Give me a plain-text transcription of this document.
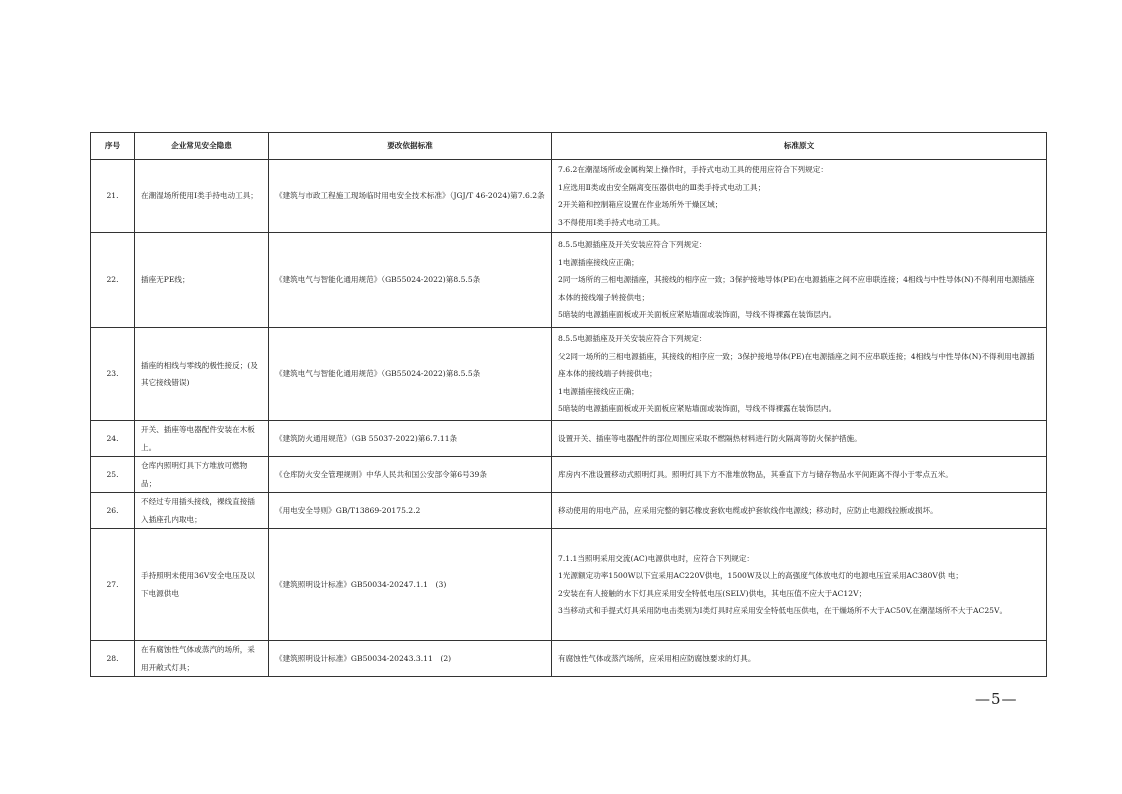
序号	企业常见安全隐患	要改依据标准	标准原文
21.	在潮湿场所使用I类手持电动工具；	《建筑与市政工程施工现场临时用电安全技术标准》（JGJ/T 46-2024)第7.6.2条	7.6.2在潮湿场所或金属构架上操作时，手持式电动工具的使用应符合下列规定：
1应选用Ⅱ类或由安全隔离变压器供电的Ⅲ类手持式电动工具；
2开关箱和控制箱应设置在作业场所外干燥区域；
3不得使用I类手持式电动工具。

22.	插座无PE线；	《建筑电气与智能化通用规范》（GB55024-2022)第8.5.5条	8.5.5电源插座及开关安装应符合下列规定：
1电源插座接线应正确；
2同一场所的三相电源插座，其接线的相序应一致；3保护接地导体(PE)在电源插座之间不应串联连接；4相线与中性导体(N)不得利用电源插座本体的接线端子转接供电；
5暗装的电源插座面板或开关面板应紧贴墙面或装饰面，导线不得裸露在装饰层内。

23.	插座的相线与零线的极性接反；(及其它接线错误)	《建筑电气与智能化通用规范》（GB55024-2022)第8.5.5条	8.5.5电源插座及开关安装应符合下列规定：
父2同一场所的三相电源插座，其接线的相序应一致；3保护接地导体(PE)在电源插座之间不应串联连接；4相线与中性导体(N)不得利用电源插座本体的接线端子转接供电；
1电源插座接线应正确；
5暗装的电源插座面板或开关面板应紧贴墙面或装饰面，导线不得裸露在装饰层内。

24.	开关、插座等电器配件安装在木板上。	《建筑防火通用规范》（GB 55037-2022)第6.7.11条	设置开关、插座等电器配件的部位周围应采取不燃隔热材料进行防火隔离等防火保护措施。

25.	仓库内照明灯具下方堆放可燃物品；	《仓库防火安全管理规则》中华人民共和国公安部令第6号39条	库房内不准设置移动式照明灯具。照明灯具下方不准堆放物品，其垂直下方与储存物品水平间距离不得小于零点五米。

26.	不经过专用插头接线，裸线直接插入插座孔内取电；	《用电安全导则》GB/T13869-20175.2.2	移动使用的用电产品，应采用完整的铜芯橡皮套软电缆或护套软线作电源线；移动时，应防止电源线拉断或损坏。

27.	手持照明未使用36V安全电压及以下电源供电	《建筑照明设计标准》GB50034-20247.1.1　(3)	7.1.1当照明采用交流(AC)电源供电时，应符合下列规定：
1光源额定功率1500W以下宜采用AC220V供电，1500W及以上的高强度气体放电灯的电源电压宜采用AC380V供 电；
2安装在有人接触的水下灯具应采用安全特低电压(SELV)供电，其电压值不应大于AC12V；
3当移动式和手提式灯具采用防电击类别为I类灯具时应采用安全特低电压供电，在干燥场所不大于AC50V,在潮湿场所不大于AC25V。

28.	在有腐蚀性气体或蒸汽的场所，采用开敞式灯具；	《建筑照明设计标准》GB50034-20243.3.11　(2)	有腐蚀性气体或蒸汽场所，应采用相应防腐蚀要求的灯具。
—5—
